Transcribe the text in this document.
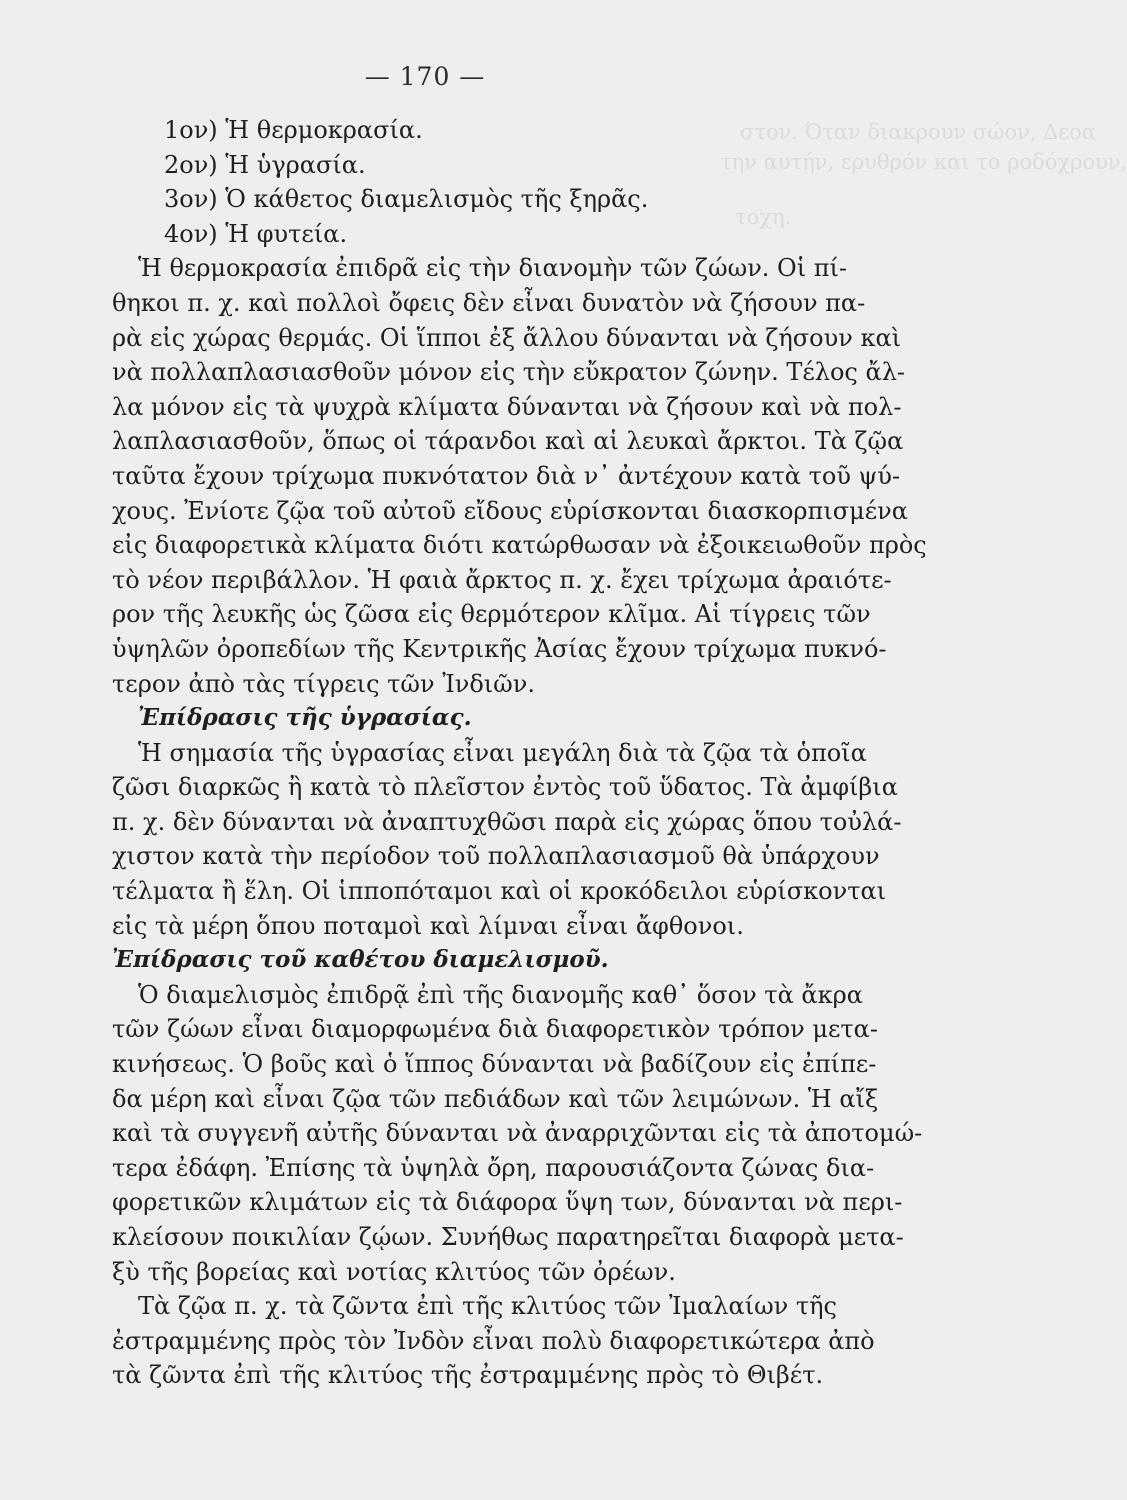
στον. Όταν διακρουν σώον, Δεοα
την αυτήν, ερυθρόν και το ροδόχρουν,
τοχη.
— 170 —
1ον) Ἡ θερμοκρασία.
2ον) Ἡ ὑγρασία.
3ον) Ὁ κάθετος διαμελισμὸς τῆς ξηρᾶς.
4ον) Ἡ φυτεία.
Ἡ θερμοκρασία ἐπιδρᾶ εἰς τὴν διανομὴν τῶν ζώων. Οἱ πί-
θηκοι π. χ. καὶ πολλοὶ ὄφεις δὲν εἶναι δυνατὸν νὰ ζήσουν πα-
ρὰ εἰς χώρας θερμάς. Οἱ ἵπποι ἐξ ἄλλου δύνανται νὰ ζήσουν καὶ
νὰ πολλαπλασιασθοῦν μόνον εἰς τὴν εὔκρατον ζώνην. Τέλος ἄλ-
λα μόνον εἰς τὰ ψυχρὰ κλίματα δύνανται νὰ ζήσουν καὶ νὰ πολ-
λαπλασιασθοῦν, ὅπως οἱ τάρανδοι καὶ αἱ λευκαὶ ἄρκτοι. Τὰ ζῷα
ταῦτα ἔχουν τρίχωμα πυκνότατον διὰ ν᾽ ἀντέχουν κατὰ τοῦ ψύ-
χους. Ἐνίοτε ζῷα τοῦ αὐτοῦ εἴδους εὑρίσκονται διασκορπισμένα
εἰς διαφορετικὰ κλίματα διότι κατώρθωσαν νὰ ἐξοικειωθοῦν πρὸς
τὸ νέον περιβάλλον. Ἡ φαιὰ ἄρκτος π. χ. ἔχει τρίχωμα ἀραιότε-
ρον τῆς λευκῆς ὡς ζῶσα εἰς θερμότερον κλῖμα. Αἱ τίγρεις τῶν
ὑψηλῶν ὀροπεδίων τῆς Κεντρικῆς Ἀσίας ἔχουν τρίχωμα πυκνό-
τερον ἀπὸ τὰς τίγρεις τῶν Ἰνδιῶν.
Ἐπίδρασις τῆς ὑγρασίας.
Ἡ σημασία τῆς ὑγρασίας εἶναι μεγάλη διὰ τὰ ζῷα τὰ ὁποῖα
ζῶσι διαρκῶς ἢ κατὰ τὸ πλεῖστον ἐντὸς τοῦ ὕδατος. Τὰ ἀμφίβια
π. χ. δὲν δύνανται νὰ ἀναπτυχθῶσι παρὰ εἰς χώρας ὅπου τοὐλά-
χιστον κατὰ τὴν περίοδον τοῦ πολλαπλασιασμοῦ θὰ ὑπάρχουν
τέλματα ἢ ἕλη. Οἱ ἱπποπόταμοι καὶ οἱ κροκόδειλοι εὑρίσκονται
εἰς τὰ μέρη ὅπου ποταμοὶ καὶ λίμναι εἶναι ἄφθονοι.
Ἐπίδρασις τοῦ καθέτου διαμελισμοῦ.
Ὁ διαμελισμὸς ἐπιδρᾷ ἐπὶ τῆς διανομῆς καθ᾽ ὅσον τὰ ἄκρα
τῶν ζώων εἶναι διαμορφωμένα διὰ διαφορετικὸν τρόπον μετα-
κινήσεως. Ὁ βοῦς καὶ ὁ ἵππος δύνανται νὰ βαδίζουν εἰς ἐπίπε-
δα μέρη καὶ εἶναι ζῷα τῶν πεδιάδων καὶ τῶν λειμώνων. Ἡ αἴξ
καὶ τὰ συγγενῆ αὐτῆς δύνανται νὰ ἀναρριχῶνται εἰς τὰ ἀποτομώ-
τερα ἐδάφη. Ἐπίσης τὰ ὑψηλὰ ὄρη, παρουσιάζοντα ζώνας δια-
φορετικῶν κλιμάτων εἰς τὰ διάφορα ὕψη των, δύνανται νὰ περι-
κλείσουν ποικιλίαν ζῴων. Συνήθως παρατηρεῖται διαφορὰ μετα-
ξὺ τῆς βορείας καὶ νοτίας κλιτύος τῶν ὀρέων.
Τὰ ζῷα π. χ. τὰ ζῶντα ἐπὶ τῆς κλιτύος τῶν Ἰμαλαίων τῆς
ἐστραμμένης πρὸς τὸν Ἰνδὸν εἶναι πολὺ διαφορετικώτερα ἀπὸ
τὰ ζῶντα ἐπὶ τῆς κλιτύος τῆς ἐστραμμένης πρὸς τὸ Θιβέτ.
